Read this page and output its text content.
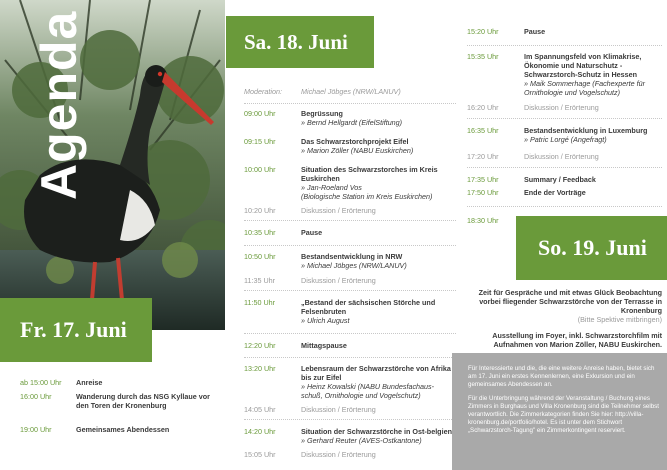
Agenda
Fr. 17. Juni
ab 15:00 Uhr	Anreise
16:00 Uhr	Wanderung durch das NSG Kyllaue vor den Toren der Kronenburg
19:00 Uhr	Gemeinsames Abendessen
Sa. 18. Juni
Moderation:	Michael Jöbges (NRW/LANUV)
09:00 Uhr	Begrüssung
» Bernd Hellgardt (EifelStiftung)
09:15 Uhr	Das Schwarzstorchprojekt Eifel
» Marion Zöller (NABU Euskirchen)
10:00 Uhr	Situation des Schwarzstorches im Kreis Euskirchen
» Jan-Roeland Vos
(Biologische Station im Kreis Euskirchen)
10:20 Uhr	Diskussion / Erörterung
10:35 Uhr	Pause
10:50 Uhr	Bestandsentwicklung in NRW
» Michael Jöbges (NRW/LANUV)
11:35 Uhr	Diskussion / Erörterung
11:50 Uhr	„Bestand der sächsischen Störche und Felsenbruten
» Ulrich August
12:20 Uhr	Mittagspause
13:20 Uhr	Lebensraum der Schwarzstörche von Afrika bis zur Eifel
» Heinz Kowalski (NABU Bundesfachaus-
schuß, Ornithologie und Vogelschutz)
14:05 Uhr	Diskussion / Erörterung
14:20 Uhr	Situation der Schwarzstörche in Ost-belgien
» Gerhard Reuter (AVES-Ostkantone)
15:05 Uhr	Diskussion / Erörterung
15:20 Uhr	Pause
15:35 Uhr	Im Spannungsfeld von Klimakrise, Ökonomie und Naturschutz - Schwarzstorch-Schutz in Hessen
» Maik Sommerhage (Fachexperte für
Ornithologie und Vogelschutz)
16:20 Uhr	Diskussion / Erörterung
16:35 Uhr	Bestandsentwicklung in Luxemburg
» Patric Lorgé (Angefragt)
17:20 Uhr	Diskussion / Erörterung
17:35 Uhr	Summary / Feedback
17:50 Uhr	Ende der Vorträge
18:30 Uhr
So. 19. Juni

Zeit für Gespräche und mit etwas Glück Beobachtung vorbei fliegender Schwarzstörche von der Terrasse in Kronenburg
(Bitte Spektive mitbringen)

Ausstellung im Foyer, inkl. Schwarzstorchfilm mit Aufnahmen von Marion Zöller, NABU Euskirchen.

Für Interessierte und die, die eine weitere Anreise haben, bietet sich am 17. Juni ein erstes Kennenlernen, eine Exkursion und ein gemeinsames Abendessen an.

Für die Unterbringung während der Veranstaltung / Buchung eines Zimmers in Burghaus und Villa Kronenburg sind die Teilnehmer selbst verantwortlich. Die Zimmerkategorien finden Sie hier: http://villa-kronenburg.de/portfolio/hotel. Es ist unter dem Stichwort „Schwarzstorch-Tagung" ein Zimmerkontingent reserviert.
